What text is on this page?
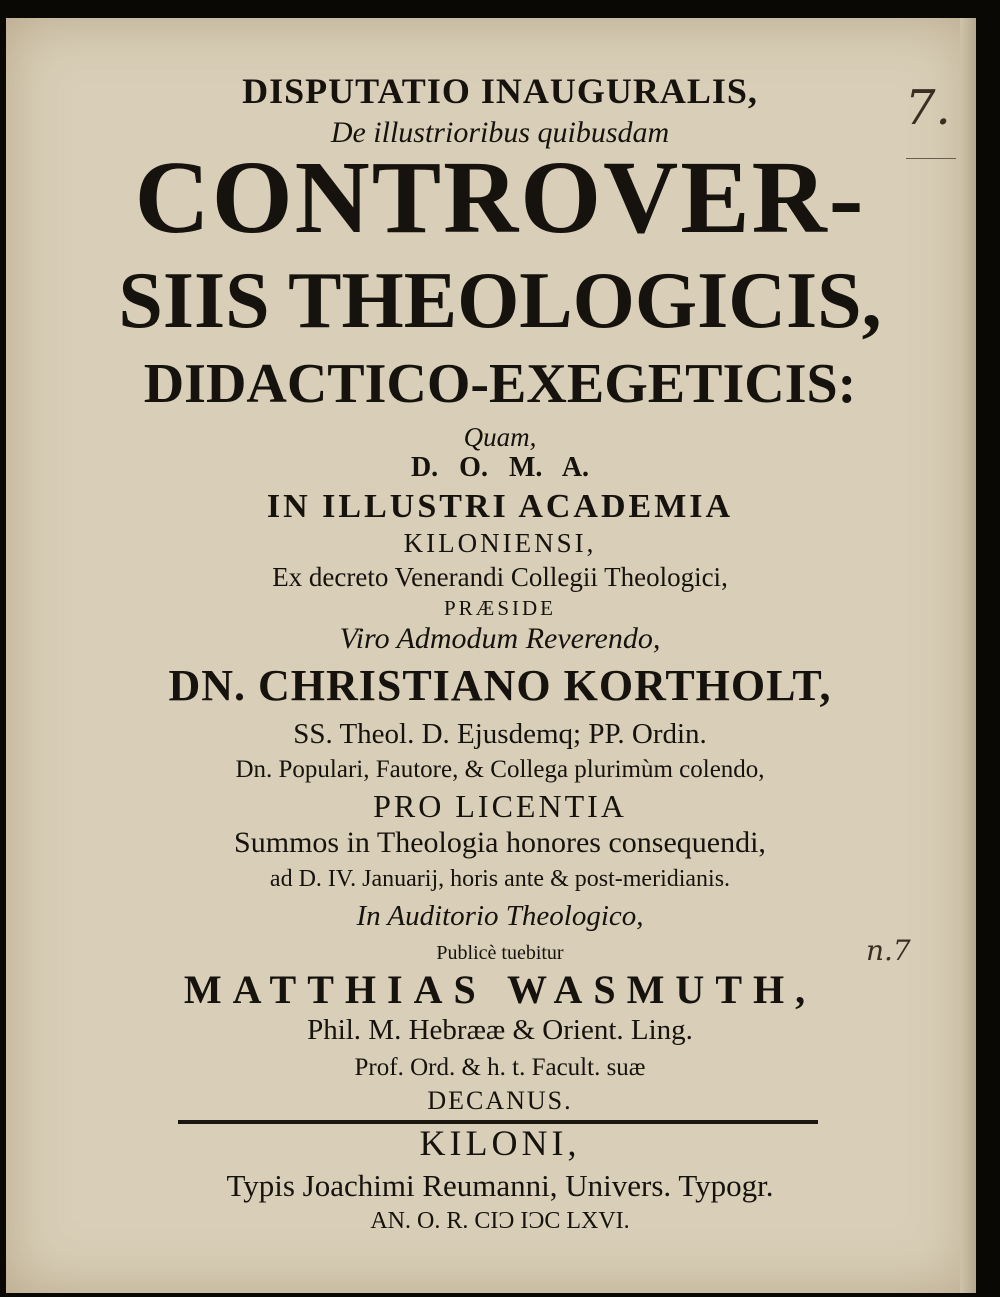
DISPUTATIO INAUGURALIS,

De illustrioribus quibusdam

CONTROVER-

SIIS THEOLOGICIS,

DIDACTICO-EXEGETICIS:

Quam,

D.   O.   M.   A.

IN ILLUSTRI ACADEMIA

KILONIENSI,

Ex decreto Venerandi Collegii Theologici,

PRÆSIDE

Viro Admodum Reverendo,

DN. CHRISTIANO KORTHOLT,

SS. Theol. D. Ejusdemq; PP. Ordin.

Dn. Populari, Fautore, & Collega plurimùm colendo,

PRO LICENTIA

Summos in Theologia honores consequendi,

ad D. IV. Januarij, horis ante & post-meridianis.

In Auditorio Theologico,

Publicè tuebitur

MATTHIAS WASMUTH,

Phil. M. Hebrææ & Orient. Ling.

Prof. Ord. & h. t. Facult. suæ

DECANUS.

KILONI,

Typis Joachimi Reumanni, Univers. Typogr.

AN. O. R. CIƆ IƆC LXVI.

7.
n.7
